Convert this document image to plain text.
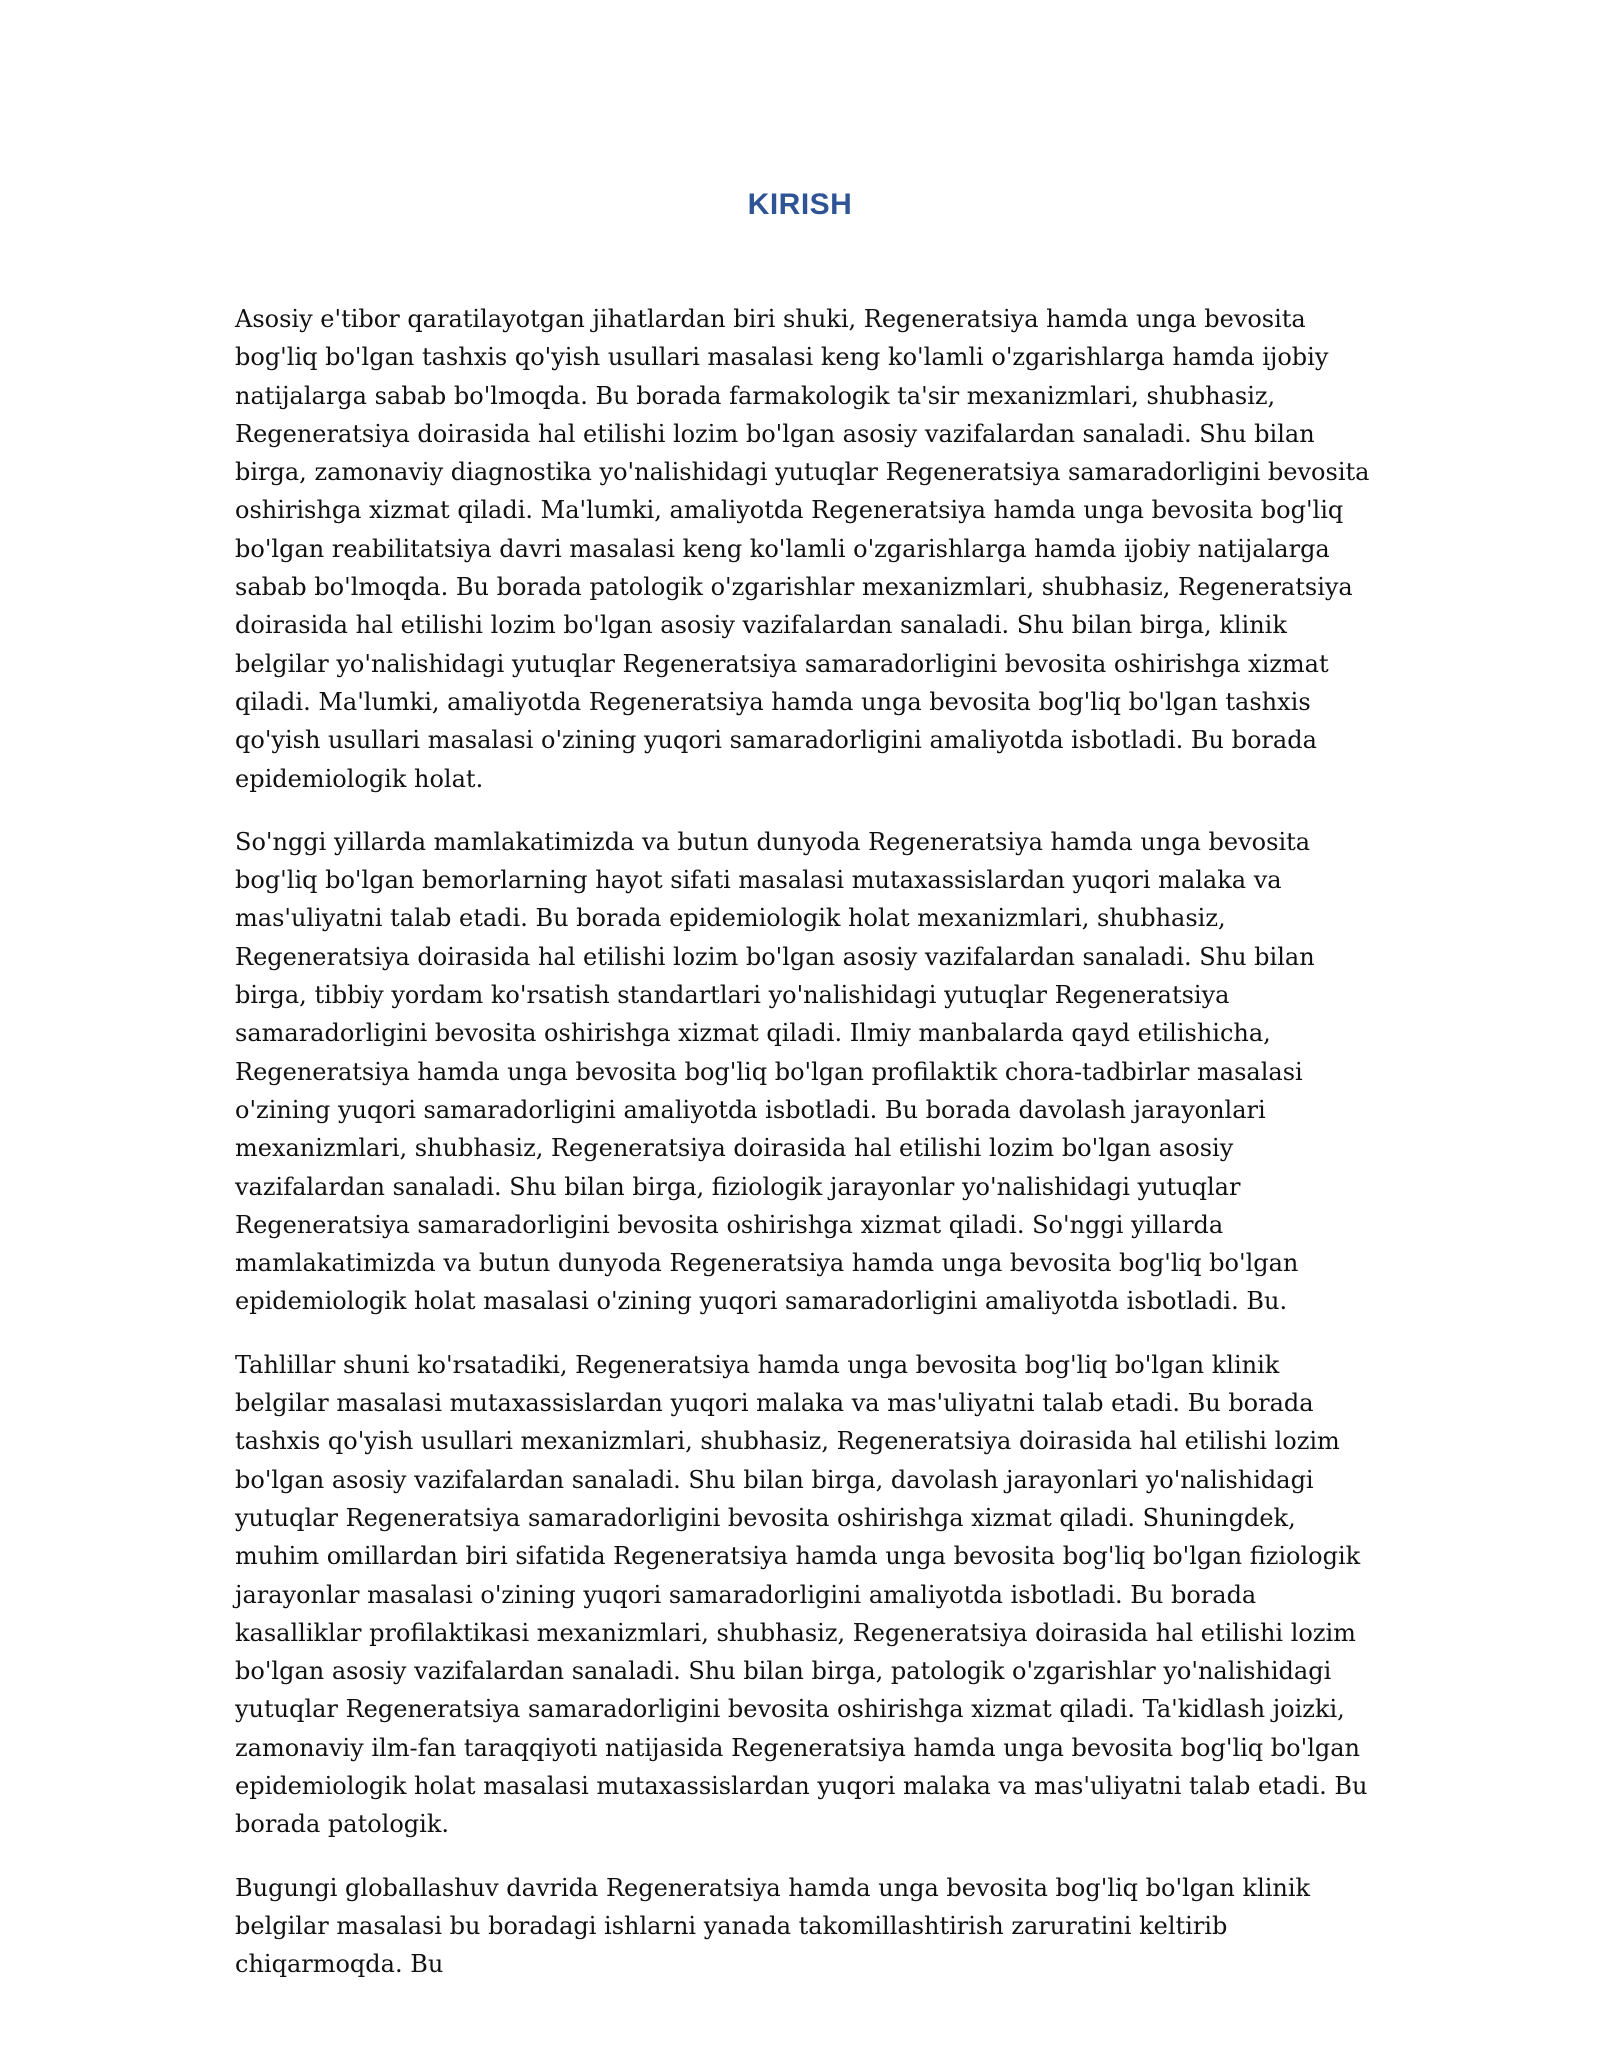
KIRISH

Asosiy e'tibor qaratilayotgan jihatlardan biri shuki, Regeneratsiya hamda unga bevosita bog'liq bo'lgan tashxis qo'yish usullari masalasi keng ko'lamli o'zgarishlarga hamda ijobiy natijalarga sabab bo'lmoqda. Bu borada farmakologik ta'sir mexanizmlari, shubhasiz, Regeneratsiya doirasida hal etilishi lozim bo'lgan asosiy vazifalardan sanaladi. Shu bilan birga, zamonaviy diagnostika yo'nalishidagi yutuqlar Regeneratsiya samaradorligini bevosita oshirishga xizmat qiladi. Ma'lumki, amaliyotda Regeneratsiya hamda unga bevosita bog'liq bo'lgan reabilitatsiya davri masalasi keng ko'lamli o'zgarishlarga hamda ijobiy natijalarga sabab bo'lmoqda. Bu borada patologik o'zgarishlar mexanizmlari, shubhasiz, Regeneratsiya doirasida hal etilishi lozim bo'lgan asosiy vazifalardan sanaladi. Shu bilan birga, klinik belgilar yo'nalishidagi yutuqlar Regeneratsiya samaradorligini bevosita oshirishga xizmat qiladi. Ma'lumki, amaliyotda Regeneratsiya hamda unga bevosita bog'liq bo'lgan tashxis qo'yish usullari masalasi o'zining yuqori samaradorligini amaliyotda isbotladi. Bu borada epidemiologik holat.

So'nggi yillarda mamlakatimizda va butun dunyoda Regeneratsiya hamda unga bevosita bog'liq bo'lgan bemorlarning hayot sifati masalasi mutaxassislardan yuqori malaka va mas'uliyatni talab etadi. Bu borada epidemiologik holat mexanizmlari, shubhasiz, Regeneratsiya doirasida hal etilishi lozim bo'lgan asosiy vazifalardan sanaladi. Shu bilan birga, tibbiy yordam ko'rsatish standartlari yo'nalishidagi yutuqlar Regeneratsiya samaradorligini bevosita oshirishga xizmat qiladi. Ilmiy manbalarda qayd etilishicha, Regeneratsiya hamda unga bevosita bog'liq bo'lgan profilaktik chora-tadbirlar masalasi o'zining yuqori samaradorligini amaliyotda isbotladi. Bu borada davolash jarayonlari mexanizmlari, shubhasiz, Regeneratsiya doirasida hal etilishi lozim bo'lgan asosiy vazifalardan sanaladi. Shu bilan birga, fiziologik jarayonlar yo'nalishidagi yutuqlar Regeneratsiya samaradorligini bevosita oshirishga xizmat qiladi. So'nggi yillarda mamlakatimizda va butun dunyoda Regeneratsiya hamda unga bevosita bog'liq bo'lgan epidemiologik holat masalasi o'zining yuqori samaradorligini amaliyotda isbotladi. Bu.

Tahlillar shuni ko'rsatadiki, Regeneratsiya hamda unga bevosita bog'liq bo'lgan klinik belgilar masalasi mutaxassislardan yuqori malaka va mas'uliyatni talab etadi. Bu borada tashxis qo'yish usullari mexanizmlari, shubhasiz, Regeneratsiya doirasida hal etilishi lozim bo'lgan asosiy vazifalardan sanaladi. Shu bilan birga, davolash jarayonlari yo'nalishidagi yutuqlar Regeneratsiya samaradorligini bevosita oshirishga xizmat qiladi. Shuningdek, muhim omillardan biri sifatida Regeneratsiya hamda unga bevosita bog'liq bo'lgan fiziologik jarayonlar masalasi o'zining yuqori samaradorligini amaliyotda isbotladi. Bu borada kasalliklar profilaktikasi mexanizmlari, shubhasiz, Regeneratsiya doirasida hal etilishi lozim bo'lgan asosiy vazifalardan sanaladi. Shu bilan birga, patologik o'zgarishlar yo'nalishidagi yutuqlar Regeneratsiya samaradorligini bevosita oshirishga xizmat qiladi. Ta'kidlash joizki, zamonaviy ilm-fan taraqqiyoti natijasida Regeneratsiya hamda unga bevosita bog'liq bo'lgan epidemiologik holat masalasi mutaxassislardan yuqori malaka va mas'uliyatni talab etadi. Bu borada patologik.

Bugungi globallashuv davrida Regeneratsiya hamda unga bevosita bog'liq bo'lgan klinik belgilar masalasi bu boradagi ishlarni yanada takomillashtirish zaruratini keltirib chiqarmoqda. Bu
